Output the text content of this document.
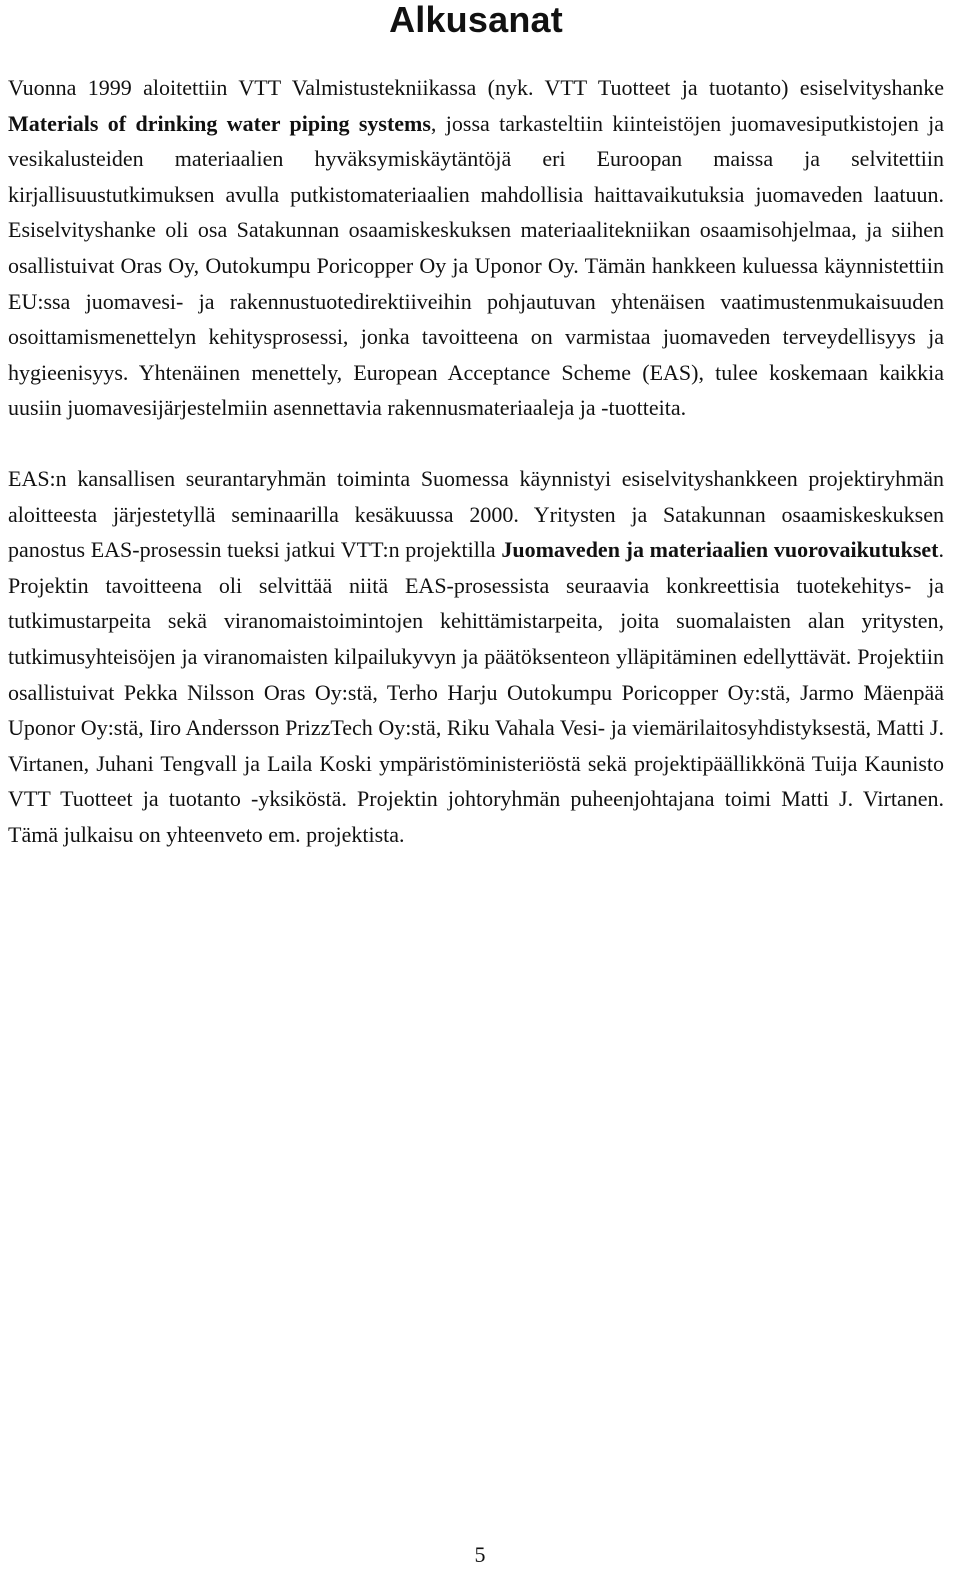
Alkusanat

Vuonna 1999 aloitettiin VTT Valmistustekniikassa (nyk. VTT Tuotteet ja tuotanto) esiselvityshanke Materials of drinking water piping systems, jossa tarkasteltiin kiinteistöjen juomavesiputkistojen ja vesikalusteiden materiaalien hyväksymiskäytäntöjä eri Euroopan maissa ja selvitettiin kirjallisuustutkimuksen avulla putkistomateriaalien mahdollisia haittavaikutuksia juomaveden laatuun. Esiselvityshanke oli osa Satakunnan osaamiskeskuksen materiaalitekniikan osaamisohjelmaa, ja siihen osallistuivat Oras Oy, Outokumpu Poricopper Oy ja Uponor Oy. Tämän hankkeen kuluessa käynnistettiin EU:ssa juomavesi- ja rakennustuotedirektiiveihin pohjautuvan yhtenäisen vaatimustenmukaisuuden osoittamismenettelyn kehitysprosessi, jonka tavoitteena on varmistaa juomaveden terveydellisyys ja hygieenisyys. Yhtenäinen menettely, European Acceptance Scheme (EAS), tulee koskemaan kaikkia uusiin juomavesijärjestelmiin asennettavia rakennusmateriaaleja ja -tuotteita.

EAS:n kansallisen seurantaryhmän toiminta Suomessa käynnistyi esiselvityshankkeen projektiryhmän aloitteesta järjestetyllä seminaarilla kesäkuussa 2000. Yritysten ja Satakunnan osaamiskeskuksen panostus EAS-prosessin tueksi jatkui VTT:n projektilla Juomaveden ja materiaalien vuorovaikutukset. Projektin tavoitteena oli selvittää niitä EAS-prosessista seuraavia konkreettisia tuotekehitys- ja tutkimustarpeita sekä viranomaistoimintojen kehittämistarpeita, joita suomalaisten alan yritysten, tutkimusyhteisöjen ja viranomaisten kilpailukyvyn ja päätöksenteon ylläpitäminen edellyttävät. Projektiin osallistuivat Pekka Nilsson Oras Oy:stä, Terho Harju Outokumpu Poricopper Oy:stä, Jarmo Mäenpää Uponor Oy:stä, Iiro Andersson PrizzTech Oy:stä, Riku Vahala Vesi- ja viemärilaitosyhdistyksestä, Matti J. Virtanen, Juhani Tengvall ja Laila Koski ympäristöministeriöstä sekä projektipäällikkönä Tuija Kaunisto VTT Tuotteet ja tuotanto -yksiköstä. Projektin johtoryhmän puheenjohtajana toimi Matti J. Virtanen. Tämä julkaisu on yhteenveto em. projektista.

5
